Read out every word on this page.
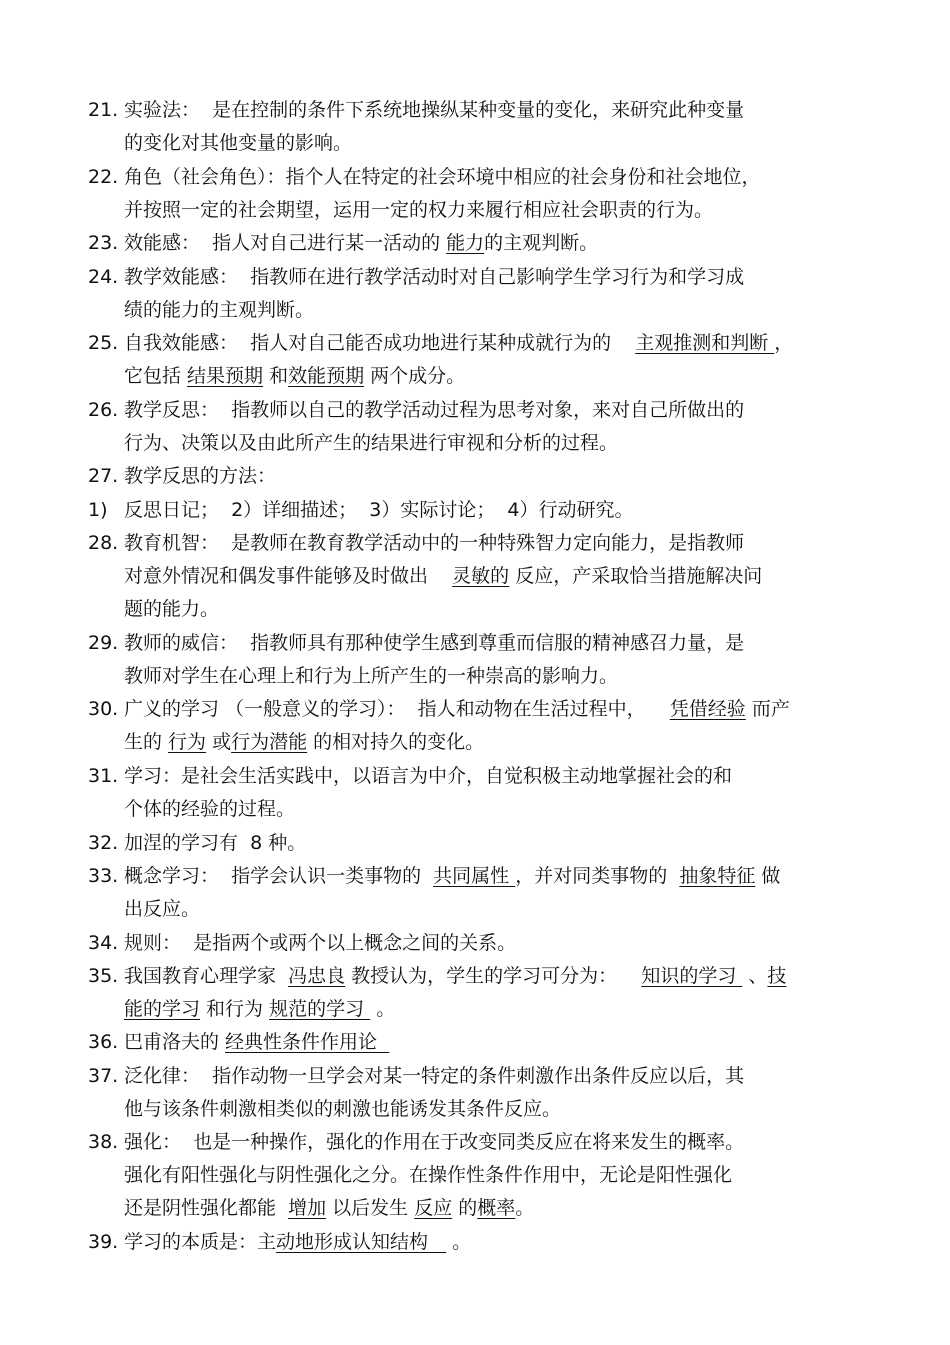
21. 实验法：  是在控制的条件下系统地操纵某种变量的变化，来研究此种变量
的变化对其他变量的影响。
22. 角色（社会角色）：指个人在特定的社会环境中相应的社会身份和社会地位，
并按照一定的社会期望，运用一定的权力来履行相应社会职责的行为。
23. 效能感：  指人对自己进行某一活动的 能力的主观判断。
24. 教学效能感：  指教师在进行教学活动时对自己影响学生学习行为和学习成
绩的能力的主观判断。
25. 自我效能感：  指人对自己能否成功地进行某种成就行为的    主观推测和判断 ，
它包括 结果预期 和效能预期 两个成分。
26. 教学反思：  指教师以自己的教学活动过程为思考对象，来对自己所做出的
行为、决策以及由此所产生的结果进行审视和分析的过程。
27. 教学反思的方法：
1) 反思日记；  2）详细描述；  3）实际讨论；  4）行动研究。
28. 教育机智：  是教师在教育教学活动中的一种特殊智力定向能力，是指教师
对意外情况和偶发事件能够及时做出    灵敏的 反应，产采取恰当措施解决问
题的能力。
29. 教师的威信：  指教师具有那种使学生感到尊重而信服的精神感召力量，是
教师对学生在心理上和行为上所产生的一种崇高的影响力。
30. 广义的学习 （一般意义的学习）：  指人和动物在生活过程中，    凭借经验 而产
生的 行为 或行为潜能 的相对持久的变化。
31. 学习：是社会生活实践中，以语言为中介，自觉积极主动地掌握社会的和
个体的经验的过程。
32. 加涅的学习有  8 种。
33. 概念学习：  指学会认识一类事物的  共同属性 ，并对同类事物的  抽象特征 做
出反应。
34. 规则：  是指两个或两个以上概念之间的关系。
35. 我国教育心理学家  冯忠良 教授认为，学生的学习可分为：    知识的学习  、技
能的学习 和行为 规范的学习  。
36. 巴甫洛夫的 经典性条件作用论
37. 泛化律：  指作动物一旦学会对某一特定的条件刺激作出条件反应以后，其
他与该条件刺激相类似的刺激也能诱发其条件反应。
38. 强化：  也是一种操作，强化的作用在于改变同类反应在将来发生的概率。
强化有阳性强化与阴性强化之分。在操作性条件作用中，无论是阳性强化
还是阴性强化都能  增加 以后发生 反应 的概率。
39. 学习的本质是：主动地形成认知结构    。
